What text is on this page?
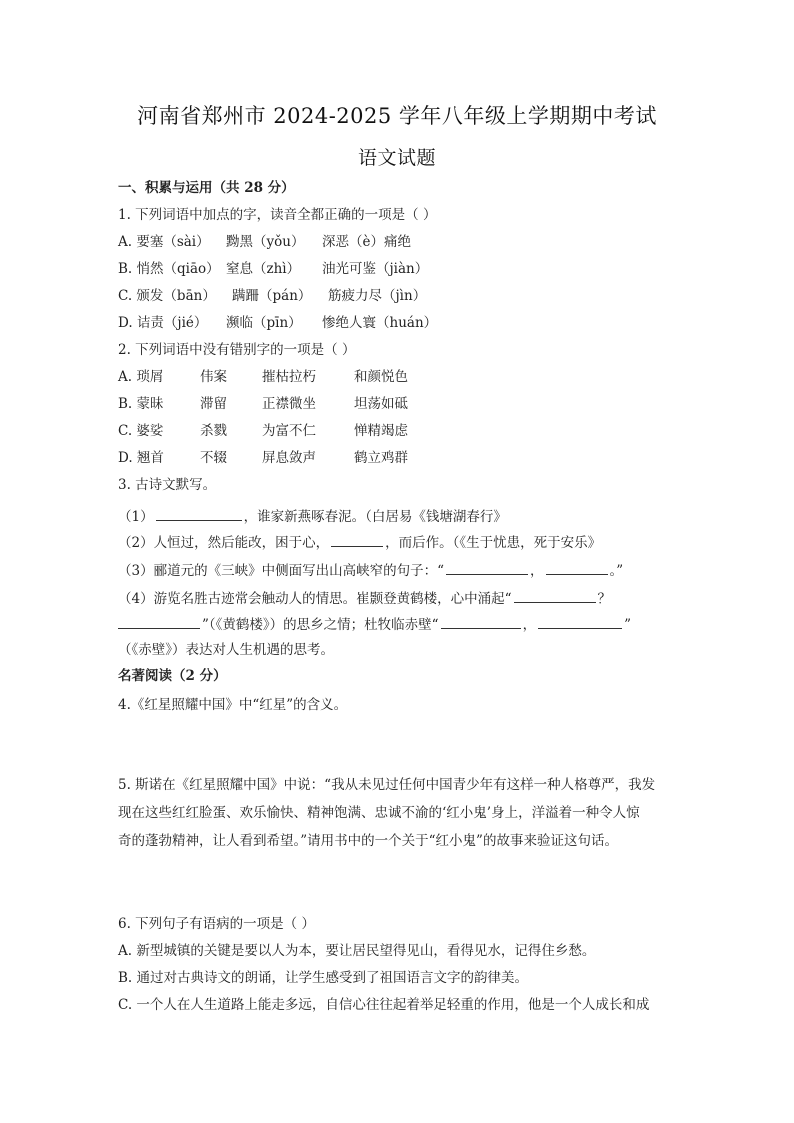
河南省郑州市 2024-2025 学年八年级上学期期中考试
语文试题
一、积累与运用（共 28 分）
1. 下列词语中加点的字，读音全都正确的一项是（ ）
A. 要塞（sài） 黝黑（yǒu） 深恶（è）痛绝
B. 悄然（qiāo） 窒息（zhì） 油光可鉴（jiàn）
C. 颁发（bān） 蹒跚（pán） 筋疲力尽（jìn）
D. 诘责（jié） 濒临（pīn） 惨绝人寰（huán）
2. 下列词语中没有错别字的一项是（ ）
A. 琐屑	伟案	摧枯拉朽	和颜悦色
B. 蒙昧	滞留	正襟微坐	坦荡如砥
C. 婆娑	杀戮	为富不仁	惮精竭虑
D. 翘首	不辍	屏息敛声	鹤立鸡群
3. 古诗文默写。
（1）	，谁家新燕啄春泥。（白居易《钱塘湖春行》
（2）人恒过，然后能改，困于心，	，而后作。（《生于忧患，死于安乐》
（3）郦道元的《三峡》中侧面写出山高峡窄的句子：“	，	。”
（4）游览名胜古迹常会触动人的情思。崔颢登黄鹤楼，心中涌起“	？
”（《黄鹤楼》）的思乡之情；杜牧临赤壁“	，	”
（《赤壁》）表达对人生机遇的思考。
名著阅读（2 分）
4.《红星照耀中国》中“红星”的含义。
5. 斯诺在《红星照耀中国》中说：“我从未见过任何中国青少年有这样一种人格尊严，我发
现在这些红红脸蛋、欢乐愉快、精神饱满、忠诚不渝的‘红小鬼’身上，洋溢着一种令人惊
奇的蓬勃精神，让人看到希望。”请用书中的一个关于“红小鬼”的故事来验证这句话。
6. 下列句子有语病的一项是（ ）
A. 新型城镇的关键是要以人为本，要让居民望得见山，看得见水，记得住乡愁。
B. 通过对古典诗文的朗诵，让学生感受到了祖国语言文字的韵律美。
C. 一个人在人生道路上能走多远，自信心往往起着举足轻重的作用，他是一个人成长和成
